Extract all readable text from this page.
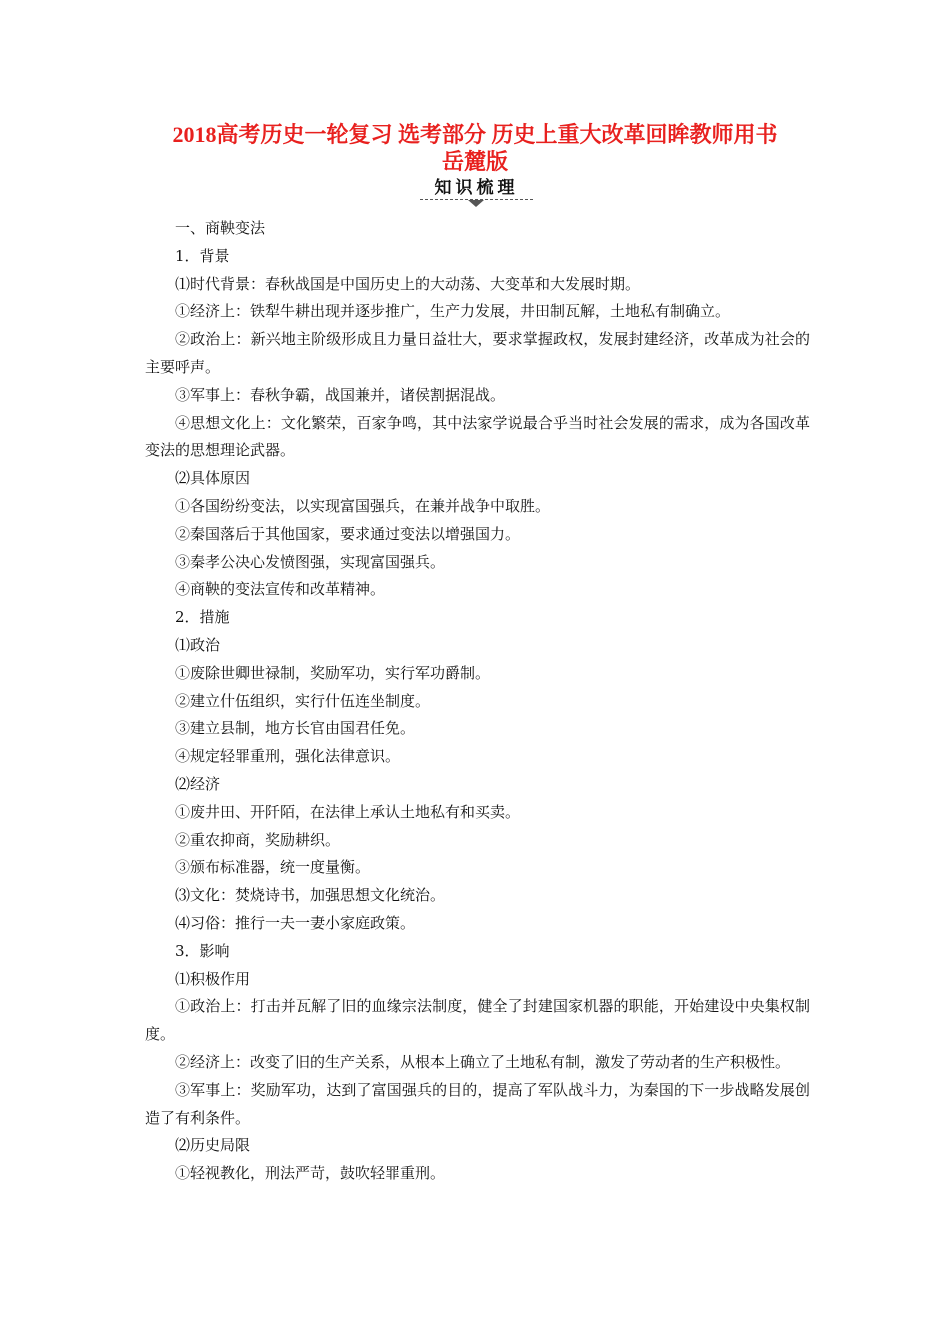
2018高考历史一轮复习 选考部分 历史上重大改革回眸教师用书
岳麓版
知识梳理

一、商鞅变法

1．背景

⑴时代背景：春秋战国是中国历史上的大动荡、大变革和大发展时期。

①经济上：铁犁牛耕出现并逐步推广，生产力发展，井田制瓦解，土地私有制确立。

②政治上：新兴地主阶级形成且力量日益壮大，要求掌握政权，发展封建经济，改革成为社会的主要呼声。

③军事上：春秋争霸，战国兼并，诸侯割据混战。

④思想文化上：文化繁荣，百家争鸣，其中法家学说最合乎当时社会发展的需求，成为各国改革变法的思想理论武器。

⑵具体原因

①各国纷纷变法，以实现富国强兵，在兼并战争中取胜。

②秦国落后于其他国家，要求通过变法以增强国力。

③秦孝公决心发愤图强，实现富国强兵。

④商鞅的变法宣传和改革精神。

2．措施

⑴政治

①废除世卿世禄制，奖励军功，实行军功爵制。

②建立什伍组织，实行什伍连坐制度。

③建立县制，地方长官由国君任免。

④规定轻罪重刑，强化法律意识。

⑵经济

①废井田、开阡陌，在法律上承认土地私有和买卖。

②重农抑商，奖励耕织。

③颁布标准器，统一度量衡。

⑶文化：焚烧诗书，加强思想文化统治。

⑷习俗：推行一夫一妻小家庭政策。

3．影响

⑴积极作用

①政治上：打击并瓦解了旧的血缘宗法制度，健全了封建国家机器的职能，开始建设中央集权制度。

②经济上：改变了旧的生产关系，从根本上确立了土地私有制，激发了劳动者的生产积极性。

③军事上：奖励军功，达到了富国强兵的目的，提高了军队战斗力，为秦国的下一步战略发展创造了有利条件。

⑵历史局限

①轻视教化，刑法严苛，鼓吹轻罪重刑。
